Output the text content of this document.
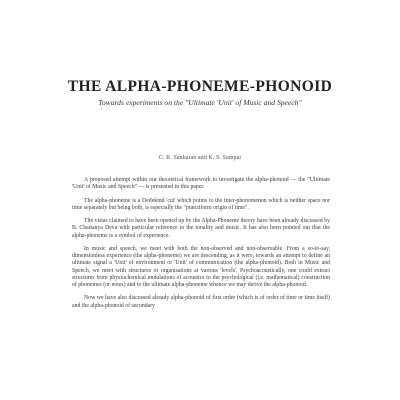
THE ALPHA-PHONEME-PHONOID
Towards experiments on the "Ultimate 'Unit' of Music and Speech"
C. R. Sankaran and K. S. Sampat

A proposed attempt within our theoretical framework to investigate the alpha-phonoid — the "Ultimate 'Unit' of Music and Speech" — is presented in this paper.

The alpha-phoneme is a Dedekind 'cut' which points to the inter-phonomenon which is neither space nor time separately but being both, is especially the "punctiform origin of time".

The vistas claimed to have been opened up by the Alpha-Phoneme theory have been already discussed by B. Chaitanya Deva with particular reference to the tonality and music. It has also been pointed out that the alpha-phoneme is a symbol of experience.

In music and speech, we meet with both the non-observed and non-observable. From a so-to-say, dimensionless experience (the alpha-phoneme) we are descending, as it were, towards an attempt to define an ultimate signal a 'Unit' of environment or 'Unit' of communication (the alpha-phonoid). Both in Music and Speech, we meet with structures or organisations at various 'levels'. Psychoacoustically, one could extract structures from physiochemical undulations of acoustics to the psychological (i.e. mathematical) construction of phonemes (or notes) and to the ultimate alpha-phoneme whence we may derive the alpha-phonoid.

Now we have also discussed already alpha-phonoid of first order (which is of order of time or time itself) and the alpha-phonoid of secondary
